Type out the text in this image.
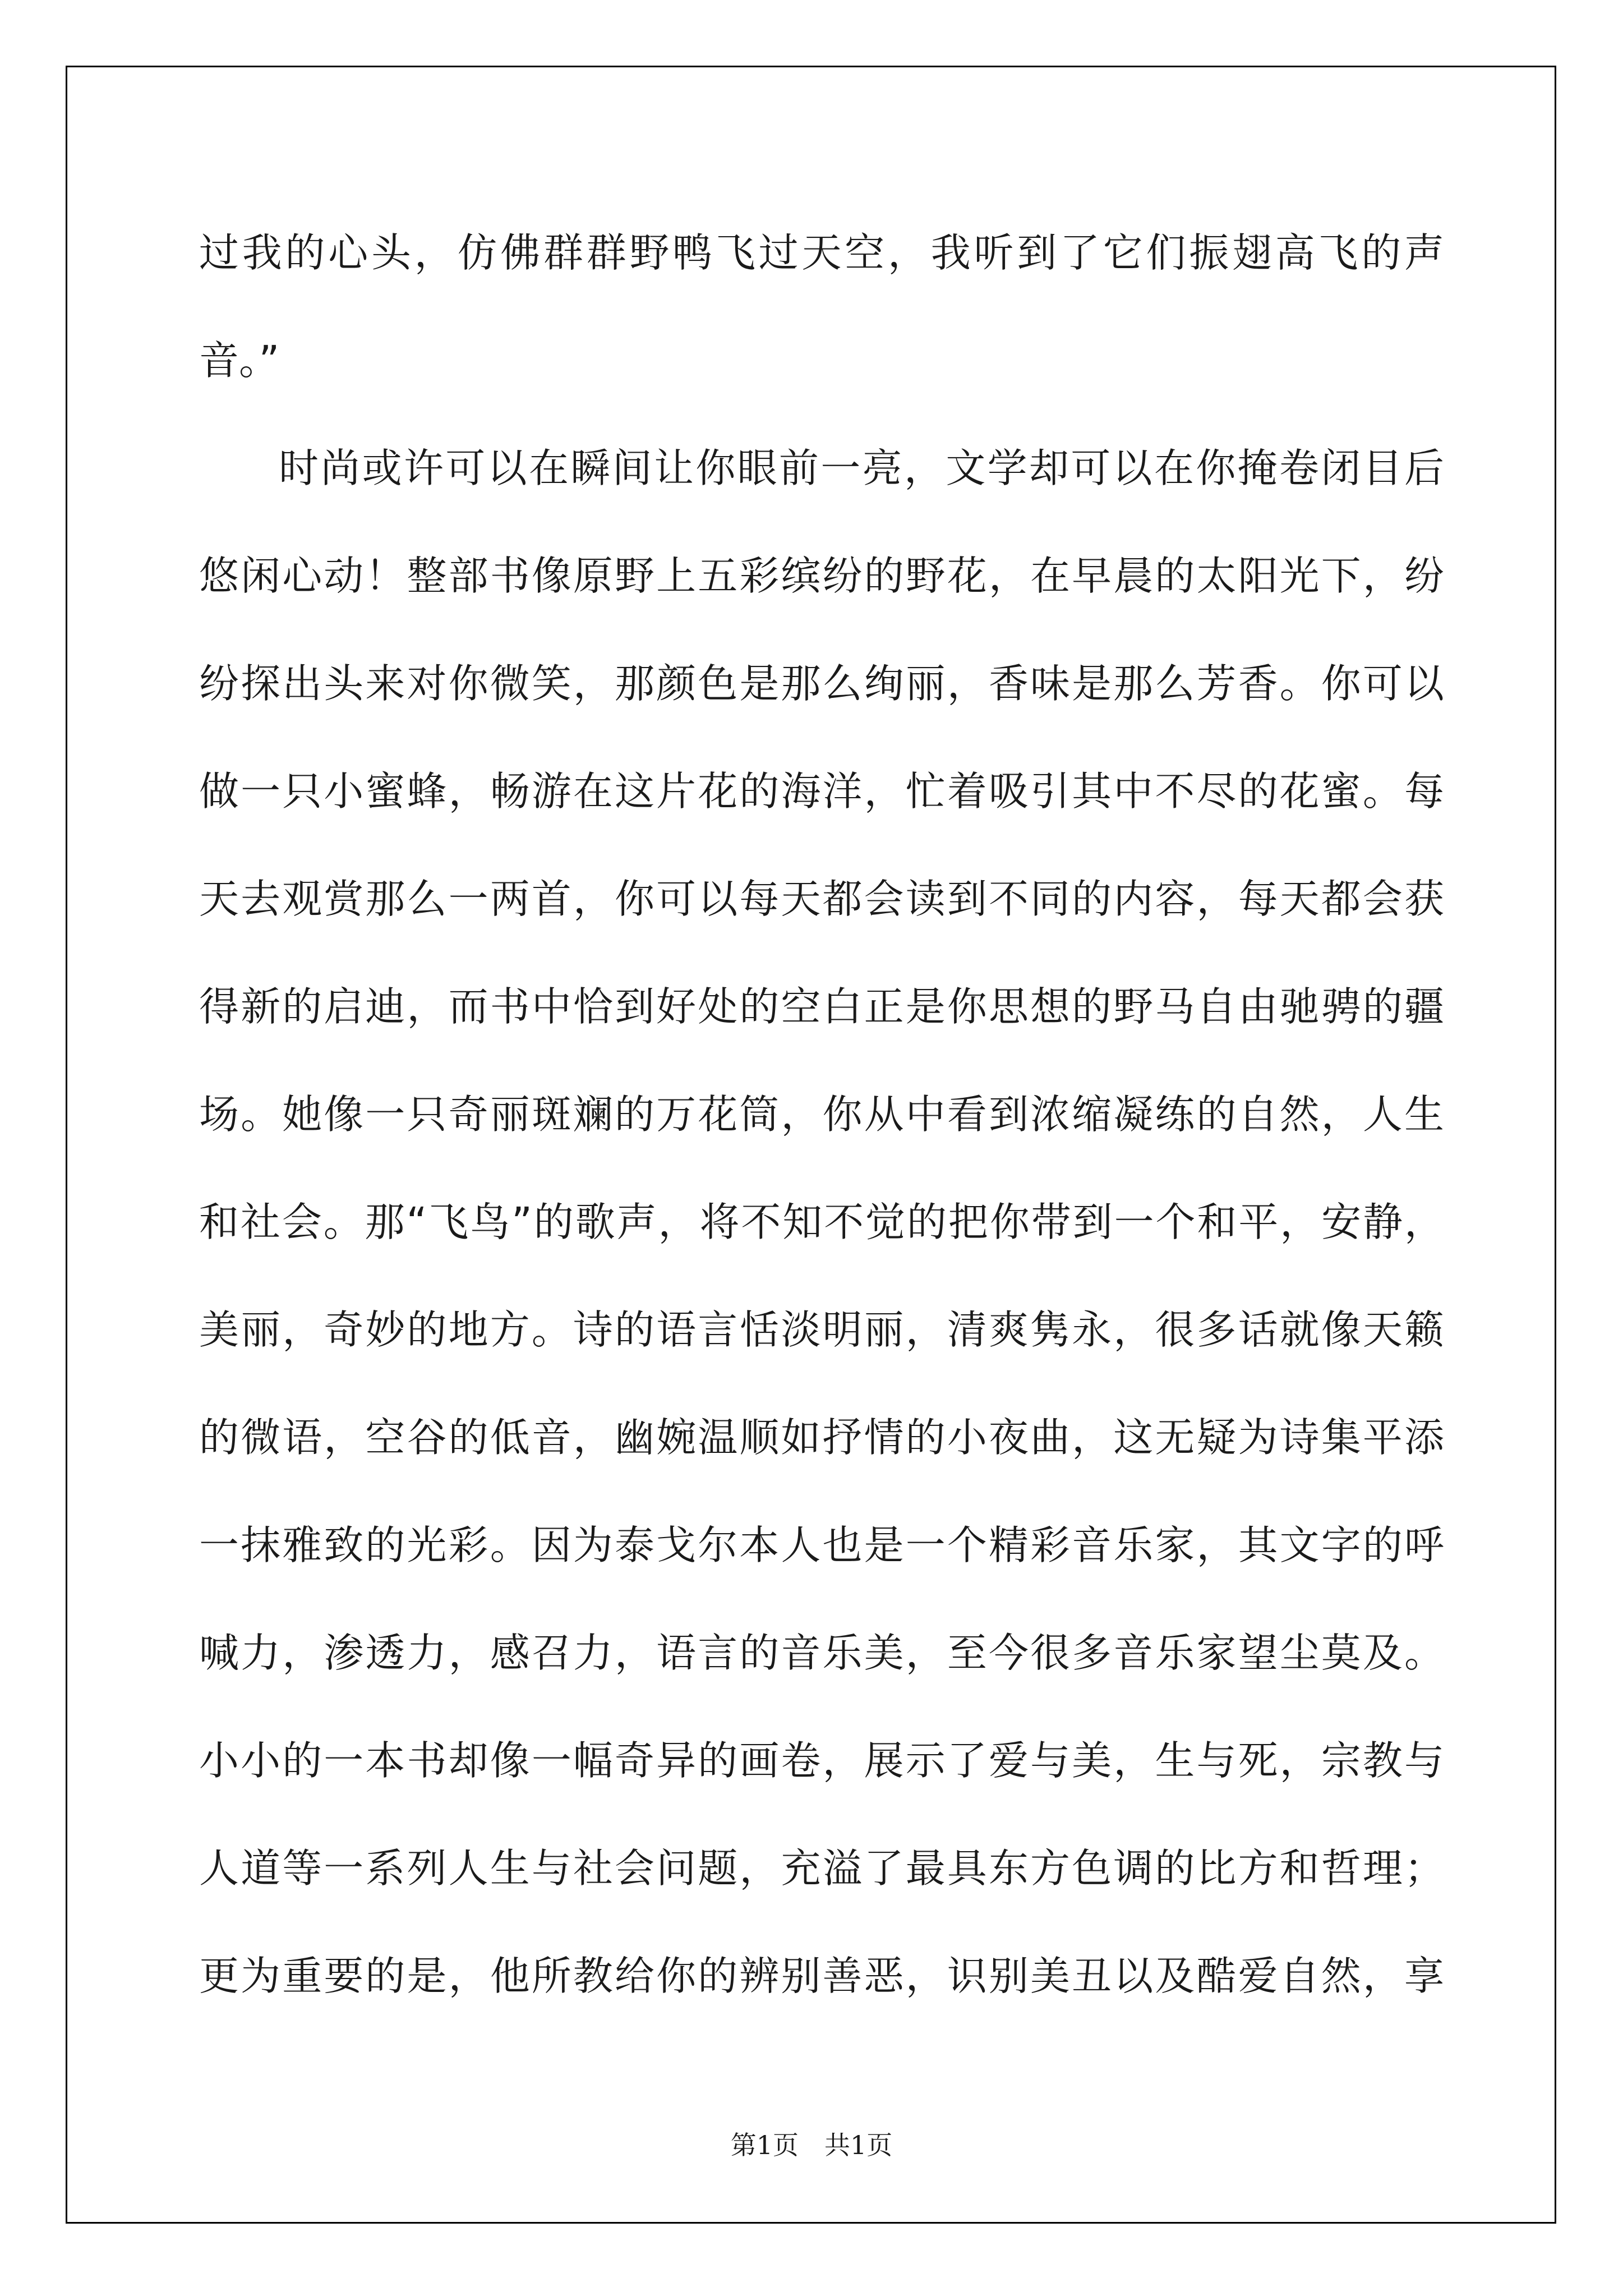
过我的心头，仿佛群群野鸭飞过天空，我听到了它们振翅高飞的声
音。”
时尚或许可以在瞬间让你眼前一亮，文学却可以在你掩卷闭目后
悠闲心动！整部书像原野上五彩缤纷的野花，在早晨的太阳光下，纷
纷探出头来对你微笑，那颜色是那么绚丽，香味是那么芳香。你可以
做一只小蜜蜂，畅游在这片花的海洋，忙着吸引其中不尽的花蜜。每
天去观赏那么一两首，你可以每天都会读到不同的内容，每天都会获
得新的启迪，而书中恰到好处的空白正是你思想的野马自由驰骋的疆
场。她像一只奇丽斑斓的万花筒，你从中看到浓缩凝练的自然，人生
和社会。那“飞鸟”的歌声，将不知不觉的把你带到一个和平，安静，
美丽，奇妙的地方。诗的语言恬淡明丽，清爽隽永，很多话就像天籁
的微语，空谷的低音，幽婉温顺如抒情的小夜曲，这无疑为诗集平添
一抹雅致的光彩。因为泰戈尔本人也是一个精彩音乐家，其文字的呼
喊力，渗透力，感召力，语言的音乐美，至今很多音乐家望尘莫及。
小小的一本书却像一幅奇异的画卷，展示了爱与美，生与死，宗教与
人道等一系列人生与社会问题，充溢了最具东方色调的比方和哲理；
更为重要的是，他所教给你的辨别善恶，识别美丑以及酷爱自然，享
第1页 共1页
